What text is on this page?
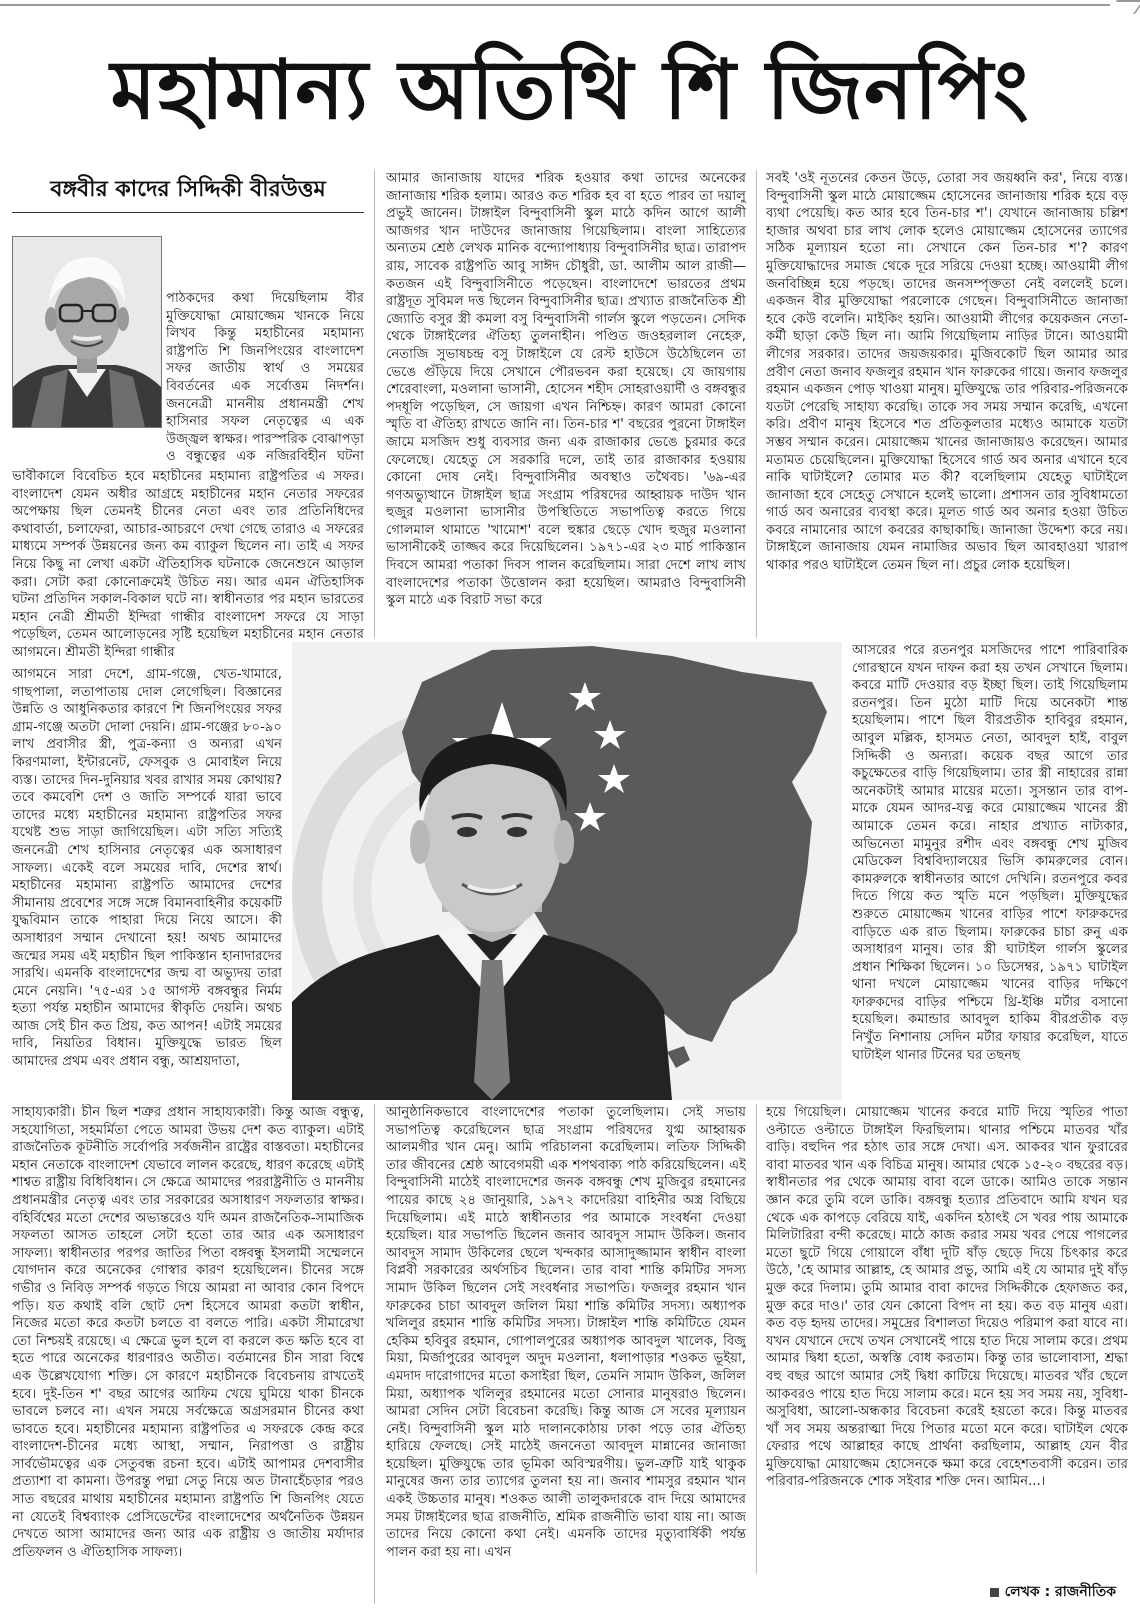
মহামান্য অতিথি শি জিনপিং
বঙ্গবীর কাদের সিদ্দিকী বীরউত্তম

পাঠকদের কথা দিয়েছিলাম বীর মুক্তিযোদ্ধা মোয়াজ্জেম খানকে নিয়ে লিখব কিন্তু মহাচীনের মহামান্য রাষ্ট্রপতি শি জিনপিংয়ের বাংলাদেশ সফর জাতীয় স্বার্থ ও সময়ের বিবর্তনের এক সর্বোত্তম নিদর্শন। জননেত্রী মাননীয় প্রধানমন্ত্রী শেখ হাসিনার সফল নেতৃত্বের এ এক উজ্জ্বল স্বাক্ষর। পারস্পরিক বোঝাপড়া ও বন্ধুত্বের এক নজিরবিহীন ঘটনা

ভাবীকালে বিবেচিত হবে মহাচীনের মহামান্য রাষ্ট্রপতির এ সফর। বাংলাদেশ যেমন অধীর আগ্রহে মহাচীনের মহান নেতার সফরের অপেক্ষায় ছিল তেমনই চীনের নেতা এবং তার প্রতিনিধিদের কথাবার্তা, চলাফেরা, আচার-আচরণে দেখা গেছে তারাও এ সফরের মাধ্যমে সম্পর্ক উন্নয়নের জন্য কম ব্যাকুল ছিলেন না। তাই এ সফর নিয়ে কিছু না লেখা একটা ঐতিহাসিক ঘটনাকে জেনেশুনে আড়াল করা। সেটা করা কোনোক্রমেই উচিত নয়। আর এমন ঐতিহাসিক ঘটনা প্রতিদিন সকাল-বিকাল ঘটে না। স্বাধীনতার পর মহান ভারতের মহান নেত্রী শ্রীমতী ইন্দিরা গান্ধীর বাংলাদেশ সফরে যে সাড়া পড়েছিল, তেমন আলোড়নের সৃষ্টি হয়েছিল মহাচীনের মহান নেতার আগমনে। শ্রীমতী ইন্দিরা গান্ধীর

আগমনে সারা দেশে, গ্রাম-গঞ্জে, খেত-খামারে, গাছপালা, লতাপাতায় দোল লেগেছিল। বিজ্ঞানের উন্নতি ও আধুনিকতার কারণে শি জিনপিংয়ের সফর গ্রাম-গঞ্জে অতটা দোলা দেয়নি। গ্রাম-গঞ্জের ৮০-৯০ লাখ প্রবাসীর স্ত্রী, পুত্র-কন্যা ও অন্যরা এখন কিরণমালা, ইন্টারনেট, ফেসবুক ও মোবাইল নিয়ে ব্যস্ত। তাদের দিন-দুনিয়ার খবর রাখার সময় কোথায়? তবে কমবেশি দেশ ও জাতি সম্পর্কে যারা ভাবে তাদের মধ্যে মহাচীনের মহামান্য রাষ্ট্রপতির সফর যথেষ্ট শুভ সাড়া জাগিয়েছিল। এটা সত্যি সত্যিই জননেত্রী শেখ হাসিনার নেতৃত্বের এক অসাধারণ সাফল্য। একেই বলে সময়ের দাবি, দেশের স্বার্থ। মহাচীনের মহামান্য রাষ্ট্রপতি আমাদের দেশের সীমানায় প্রবেশের সঙ্গে সঙ্গে বিমানবাহিনীর কয়েকটি যুদ্ধবিমান তাকে পাহারা দিয়ে নিয়ে আসে। কী অসাধারণ সম্মান দেখানো হয়! অথচ আমাদের জন্মের সময় এই মহাচীন ছিল পাকিস্তান হানাদারদের সারথি। এমনকি বাংলাদেশের জন্ম বা অভ্যুদয় তারা মেনে নেয়নি। '৭৫-এর ১৫ আগস্ট বঙ্গবন্ধুর নির্মম হত্যা পর্যন্ত মহাচীন আমাদের স্বীকৃতি দেয়নি। অথচ আজ সেই চীন কত প্রিয়, কত আপন! এটাই সময়ের দাবি, নিয়তির বিধান। মুক্তিযুদ্ধে ভারত ছিল আমাদের প্রথম এবং প্রধান বন্ধু, আশ্রয়দাতা,

সাহায্যকারী। চীন ছিল শত্রুর প্রধান সাহায্যকারী। কিন্তু আজ বন্ধুত্ব, সহযোগিতা, সহমর্মিতা পেতে আমরা উভয় দেশ কত ব্যাকুল। এটাই রাজনৈতিক কূটনীতি সর্বোপরি সর্বজনীন রাষ্ট্রের বাস্তবতা। মহাচীনের মহান নেতাকে বাংলাদেশ যেভাবে লালন করেছে, ধারণ করেছে এটাই শাশ্বত রাষ্ট্রীয় বিধিবিধান। সে ক্ষেত্রে আমাদের পররাষ্ট্রনীতি ও মাননীয় প্রধানমন্ত্রীর নেতৃত্ব এবং তার সরকারের অসাধারণ সফলতার স্বাক্ষর। বহির্বিশ্বের মতো দেশের অভ্যন্তরেও যদি অমন রাজনৈতিক-সামাজিক সফলতা আসত তাহলে সেটা হতো তার আর এক অসাধারণ সাফল্য। স্বাধীনতার পরপর জাতির পিতা বঙ্গবন্ধু ইসলামী সম্মেলনে যোগদান করে অনেকের গোস্বার কারণ হয়েছিলেন। চীনের সঙ্গে গভীর ও নিবিড় সম্পর্ক গড়তে গিয়ে আমরা না আবার কোন বিপদে পড়ি। যত কথাই বলি ছোট দেশ হিসেবে আমরা কতটা স্বাধীন, নিজের মতো করে কতটা চলতে বা বলতে পারি। একটা সীমারেখা তো নিশ্চয়ই রয়েছে। এ ক্ষেত্রে ভুল হলে বা করলে কত ক্ষতি হবে বা হতে পারে অনেকের ধারণারও অতীত। বর্তমানের চীন সারা বিশ্বে এক উল্লেখযোগ্য শক্তি। সে কারণে মহাচীনকে বিবেচনায় রাখতেই হবে। দুই-তিন শ' বছর আগের আফিম খেয়ে ঘুমিয়ে থাকা চীনকে ভাবলে চলবে না। এখন সময়ে সর্বক্ষেত্রে অগ্রসরমান চীনের কথা ভাবতে হবে। মহাচীনের মহামান্য রাষ্ট্রপতির এ সফরকে কেন্দ্র করে বাংলাদেশ-চীনের মধ্যে আস্থা, সম্মান, নিরাপত্তা ও রাষ্ট্রীয় সার্বভৌমত্বের এক সেতুবন্ধ রচনা হবে। এটাই আপামর দেশবাসীর প্রত্যাশা বা কামনা। উপরন্তু পদ্মা সেতু নিয়ে অত টানাহেঁচড়ার পরও সাত বছরের মাথায় মহাচীনের মহামান্য রাষ্ট্রপতি শি জিনপিং যেতে না যেতেই বিশ্বব্যাংক প্রেসিডেন্টের বাংলাদেশের অর্থনৈতিক উন্নয়ন দেখতে আসা আমাদের জন্য আর এক রাষ্ট্রীয় ও জাতীয় মর্যাদার প্রতিফলন ও ঐতিহাসিক সাফল্য।

আমার জানাজায় যাদের শরিক হওয়ার কথা তাদের অনেকের জানাজায় শরিক হলাম। আরও কত শরিক হব বা হতে পারব তা দয়ালু প্রভুই জানেন। টাঙ্গাইল বিন্দুবাসিনী স্কুল মাঠে কদিন আগে আলী আজগর খান দাউদের জানাজায় গিয়েছিলাম। বাংলা সাহিত্যের অন্যতম শ্রেষ্ঠ লেখক মানিক বন্দ্যোপাধ্যায় বিন্দুবাসিনীর ছাত্র। তারাপদ রায়, সাবেক রাষ্ট্রপতি আবু সাঈদ চৌধুরী, ডা. আলীম আল রাজী— কতজন এই বিন্দুবাসিনীতে পড়েছেন। বাংলাদেশে ভারতের প্রথম রাষ্ট্রদূত সুবিমল দত্ত ছিলেন বিন্দুবাসিনীর ছাত্র। প্রখ্যাত রাজনৈতিক শ্রী জ্যোতি বসুর স্ত্রী কমলা বসু বিন্দুবাসিনী গার্লস স্কুলে পড়তেন। সেদিক থেকে টাঙ্গাইলের ঐতিহ্য তুলনাহীন। পণ্ডিত জওহরলাল নেহেরু, নেতাজি সুভাষচন্দ্র বসু টাঙ্গাইলে যে রেস্ট হাউসে উঠেছিলেন তা ভেঙে গুঁড়িয়ে দিয়ে সেখানে পৌরভবন করা হয়েছে। যে জায়গায় শেরেবাংলা, মওলানা ভাসানী, হোসেন শহীদ সোহরাওয়ার্দী ও বঙ্গবন্ধুর পদধূলি পড়েছিল, সে জায়গা এখন নিশ্চিহ্ন। কারণ আমরা কোনো স্মৃতি বা ঐতিহ্য রাখতে জানি না। তিন-চার শ' বছরের পুরনো টাঙ্গাইল জামে মসজিদ শুধু ব্যবসার জন্য এক রাজাকার ভেঙে চুরমার করে ফেলেছে। যেহেতু সে সরকারি দলে, তাই তার রাজাকার হওয়ায় কোনো দোষ নেই। বিন্দুবাসিনীর অবস্থাও তথৈবচ। '৬৯-এর গণঅভ্যুত্থানে টাঙ্গাইল ছাত্র সংগ্রাম পরিষদের আহ্বায়ক দাউদ খান হুজুর মওলানা ভাসানীর উপস্থিতিতে সভাপতিত্ব করতে গিয়ে গোলমাল থামাতে 'খামোশ' বলে হুঙ্কার ছেড়ে খোদ হুজুর মওলানা ভাসানীকেই তাজ্জব করে দিয়েছিলেন। ১৯৭১-এর ২৩ মার্চ পাকিস্তান দিবসে আমরা পতাকা দিবস পালন করেছিলাম। সারা দেশে লাখ লাখ বাংলাদেশের পতাকা উত্তোলন করা হয়েছিল। আমরাও বিন্দুবাসিনী স্কুল মাঠে এক বিরাট সভা করে

আনুষ্ঠানিকভাবে বাংলাদেশের পতাকা তুলেছিলাম। সেই সভায় সভাপতিত্ব করেছিলেন ছাত্র সংগ্রাম পরিষদের যুগ্ম আহ্বায়ক আলমগীর খান মেনু। আমি পরিচালনা করেছিলাম। লতিফ সিদ্দিকী তার জীবনের শ্রেষ্ঠ আবেগময়ী এক শপথবাক্য পাঠ করিয়েছিলেন। এই বিন্দুবাসিনী মাঠেই বাংলাদেশের জনক বঙ্গবন্ধু শেখ মুজিবুর রহমানের পায়ের কাছে ২৪ জানুয়ারি, ১৯৭২ কাদেরিয়া বাহিনীর অস্ত্র বিছিয়ে দিয়েছিলাম। এই মাঠে স্বাধীনতার পর আমাকে সংবর্ধনা দেওয়া হয়েছিল। যার সভাপতি ছিলেন জনাব আবদুস সামাদ উকিল। জনাব আবদুস সামাদ উকিলের ছেলে খন্দকার আসাদুজ্জামান স্বাধীন বাংলা বিপ্লবী সরকারের অর্থসচিব ছিলেন। তার বাবা শান্তি কমিটির সদস্য সামাদ উকিল ছিলেন সেই সংবর্ধনার সভাপতি। ফজলুর রহমান খান ফারুকের চাচা আবদুল জলিল মিয়া শান্তি কমিটির সদস্য। অধ্যাপক খলিলুর রহমান শান্তি কমিটির সদস্য। টাঙ্গাইল শান্তি কমিটিতে যেমন হেকিম হবিবুর রহমান, গোপালপুরের অধ্যাপক আবদুল খালেক, বিজু মিয়া, মির্জাপুরের আবদুল অদুদ মওলানা, ধলাপাড়ার শওকত ভূইয়া, এমদাদ দারোগাদের মতো কসাইরা ছিল, তেমনি সামাদ উকিল, জলিল মিয়া, অধ্যাপক খলিলুর রহমানের মতো সোনার মানুষরাও ছিলেন। আমরা সেদিন সেটা বিবেচনা করেছি। কিন্তু আজ সে সবের মূল্যায়ন নেই। বিন্দুবাসিনী স্কুল মাঠ দালানকোঠায় ঢাকা পড়ে তার ঐতিহ্য হারিয়ে ফেলছে। সেই মাঠেই জননেতা আবদুল মান্নানের জানাজা হয়েছিল। মুক্তিযুদ্ধে তার ভূমিকা অবিস্মরণীয়। ভুল-ত্রুটি যাই থাকুক মানুষের জন্য তার ত্যাগের তুলনা হয় না। জনাব শামসুর রহমান খান একই উচ্চতার মানুষ। শওকত আলী তালুকদারকে বাদ দিয়ে আমাদের সময় টাঙ্গাইলের ছাত্র রাজনীতি, শ্রমিক রাজনীতি ভাবা যায় না। আজ তাদের নিয়ে কোনো কথা নেই। এমনকি তাদের মৃত্যুবার্ষিকী পর্যন্ত পালন করা হয় না। এখন

সবই 'ওই নূতনের কেতন উড়ে, তোরা সব জয়ধ্বনি কর', নিয়ে ব্যস্ত। বিন্দুবাসিনী স্কুল মাঠে মোয়াজ্জেম হোসেনের জানাজায় শরিক হয়ে বড় ব্যথা পেয়েছি। কত আর হবে তিন-চার শ'। যেখানে জানাজায় চল্লিশ হাজার অথবা চার লাখ লোক হলেও মোয়াজ্জেম হোসেনের ত্যাগের সঠিক মূল্যায়ন হতো না। সেখানে কেন তিন-চার শ'? কারণ মুক্তিযোদ্ধাদের সমাজ থেকে দূরে সরিয়ে দেওয়া হচ্ছে। আওয়ামী লীগ জনবিচ্ছিন্ন হয়ে পড়ছে। তাদের জনসম্পৃক্ততা নেই বললেই চলে। একজন বীর মুক্তিযোদ্ধা পরলোকে গেছেন। বিন্দুবাসিনীতে জানাজা হবে কেউ বলেনি। মাইকিং হয়নি। আওয়ামী লীগের কয়েকজন নেতা-কর্মী ছাড়া কেউ ছিল না। আমি গিয়েছিলাম নাড়ির টানে। আওয়ামী লীগের সরকার। তাদের জয়জয়কার। মুজিবকোট ছিল আমার আর প্রবীণ নেতা জনাব ফজলুর রহমান খান ফারুকের গায়ে। জনাব ফজলুর রহমান একজন পোড় খাওয়া মানুষ। মুক্তিযুদ্ধে তার পরিবার-পরিজনকে যতটা পেরেছি সাহায্য করেছি। তাকে সব সময় সম্মান করেছি, এখনো করি। প্রবীণ মানুষ হিসেবে শত প্রতিকূলতার মধ্যেও আমাকে যতটা সম্ভব সম্মান করেন। মোয়াজ্জেম খানের জানাজায়ও করেছেন। আমার মতামত চেয়েছিলেন। মুক্তিযোদ্ধা হিসেবে গার্ড অব অনার এখানে হবে নাকি ঘাটাইলে? তোমার মত কী? বলেছিলাম যেহেতু ঘাটাইলে জানাজা হবে সেহেতু সেখানে হলেই ভালো। প্রশাসন তার সুবিধামতো গার্ড অব অনারের ব্যবস্থা করে। মূলত গার্ড অব অনার হওয়া উচিত কবরে নামানোর আগে কবরের কাছাকাছি। জানাজা উদ্দেশ্য করে নয়। টাঙ্গাইলে জানাজায় যেমন নামাজির অভাব ছিল আবহাওয়া খারাপ থাকার পরও ঘাটাইলে তেমন ছিল না। প্রচুর লোক হয়েছিল।

আসরের পরে রতনপুর মসজিদের পাশে পারিবারিক গোরস্থানে যখন দাফন করা হয় তখন সেখানে ছিলাম। কবরে মাটি দেওয়ার বড় ইচ্ছা ছিল। তাই গিয়েছিলাম রতনপুর। তিন মুঠো মাটি দিয়ে অনেকটা শান্ত হয়েছিলাম। পাশে ছিল বীরপ্রতীক হাবিবুর রহমান, আবুল মল্লিক, হাসমত নেতা, আবদুল হাই, বাবুল সিদ্দিকী ও অন্যরা। কয়েক বছর আগে তার কচুক্ষেতের বাড়ি গিয়েছিলাম। তার স্ত্রী নাহারের রান্না অনেকটাই আমার মায়ের মতো। সুসন্তান তার বাপ-মাকে যেমন আদর-যত্ন করে মোয়াজ্জেম খানের স্ত্রী আমাকে তেমন করে। নাহার প্রখ্যাত নাট্যকার, অভিনেতা মামুনুর রশীদ এবং বঙ্গবন্ধু শেখ মুজিব মেডিকেল বিশ্ববিদ্যালয়ের ভিসি কামরুলের বোন। কামরুলকে স্বাধীনতার আগে দেখিনি। রতনপুরে কবর দিতে গিয়ে কত স্মৃতি মনে পড়ছিল। মুক্তিযুদ্ধের শুরুতে মোয়াজ্জেম খানের বাড়ির পাশে ফারুকদের বাড়িতে এক রাত ছিলাম। ফারুকের চাচা রুনু এক অসাধারণ মানুষ। তার স্ত্রী ঘাটাইল গার্লস স্কুলের প্রধান শিক্ষিকা ছিলেন। ১০ ডিসেম্বর, ১৯৭১ ঘাটাইল থানা দখলে মোয়াজ্জেম খানের বাড়ির দক্ষিণে ফারুকদের বাড়ির পশ্চিমে থ্রি-ইঞ্চি মর্টার বসানো হয়েছিল। কমান্ডার আবদুল হাকিম বীরপ্রতীক বড় নিখুঁত নিশানায় সেদিন মর্টার ফায়ার করেছিল, যাতে ঘাটাইল থানার টিনের ঘর তছনছ

হয়ে গিয়েছিল। মোয়াজ্জেম খানের কবরে মাটি দিয়ে স্মৃতির পাতা ওল্টাতে ওল্টাতে টাঙ্গাইল ফিরছিলাম। থানার পশ্চিমে মাতবর খাঁর বাড়ি। বহুদিন পর হঠাৎ তার সঙ্গে দেখা। এস. আকবর খান ফুরারের বাবা মাতবর খান এক বিচিত্র মানুষ। আমার থেকে ১৫-২০ বছরের বড়। স্বাধীনতার পর থেকে আমায় বাবা বলে ডাকে। আমিও তাকে সন্তান জ্ঞান করে তুমি বলে ডাকি। বঙ্গবন্ধু হত্যার প্রতিবাদে আমি যখন ঘর থেকে এক কাপড়ে বেরিয়ে যাই, একদিন হঠাৎই সে খবর পায় আমাকে মিলিটারিরা বন্দী করেছে। মাঠে কাজ করার সময় খবর পেয়ে পাগলের মতো ছুটে গিয়ে গোয়ালে বাঁধা দুটি ষাঁড় ছেড়ে দিয়ে চিৎকার করে উঠে, 'হে আমার আল্লাহ, হে আমার প্রভু, আমি এই যে আমার দুই ষাঁড় মুক্ত করে দিলাম। তুমি আমার বাবা কাদের সিদ্দিকীকে হেফাজত কর, মুক্ত করে দাও।' তার যেন কোনো বিপদ না হয়। কত বড় মানুষ এরা। কত বড় হৃদয় তাদের। সমুদ্রের বিশালতা দিয়েও পরিমাপ করা যাবে না। যখন যেখানে দেখে তখন সেখানেই পায়ে হাত দিয়ে সালাম করে। প্রথম আমার দ্বিধা হতো, অস্বস্তি বোধ করতাম। কিন্তু তার ভালোবাসা, শ্রদ্ধা বহু বছর আগে আমার সেই দ্বিধা কাটিয়ে দিয়েছে। মাতবর খাঁর ছেলে আকবরও পায়ে হাত দিয়ে সালাম করে। মনে হয় সব সময় নয়, সুবিধা-অসুবিধা, আলো-অন্ধকার বিবেচনা করেই হয়তো করে। কিন্তু মাতবর খাঁ সব সময় অন্তরাত্মা দিয়ে পিতার মতো মনে করে। ঘাটাইল থেকে ফেরার পথে আল্লাহর কাছে প্রার্থনা করছিলাম, আল্লাহ যেন বীর মুক্তিযোদ্ধা মোয়াজ্জেম হোসেনকে ক্ষমা করে বেহেশতবাসী করেন। তার পরিবার-পরিজনকে শোক সইবার শক্তি দেন। আমিন...।

লেখক : রাজনীতিক
